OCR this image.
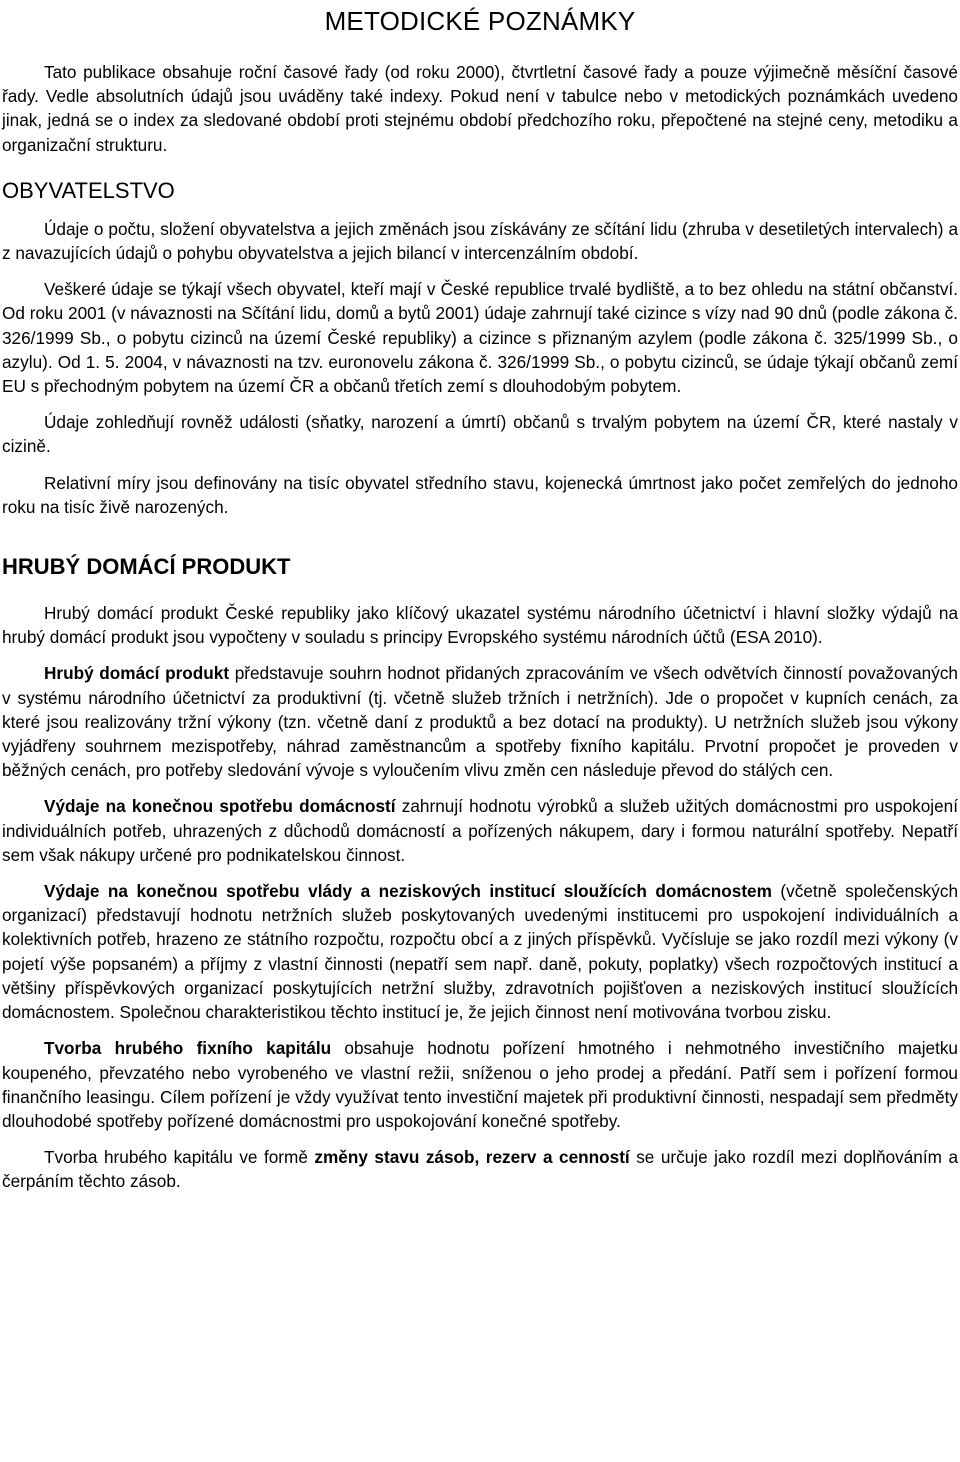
METODICKÉ POZNÁMKY

Tato publikace obsahuje roční časové řady (od roku 2000), čtvrtletní časové řady a pouze výjimečně měsíční časové řady. Vedle absolutních údajů jsou uváděny také indexy. Pokud není v tabulce nebo v metodických poznámkách uvedeno jinak, jedná se o index za sledované období proti stejnému období předchozího roku, přepočtené na stejné ceny, metodiku a organizační strukturu.

OBYVATELSTVO

Údaje o počtu, složení obyvatelstva a jejich změnách jsou získávány ze sčítání lidu (zhruba v desetiletých intervalech) a z navazujících údajů o pohybu obyvatelstva a jejich bilancí v intercenzálním období.

Veškeré údaje se týkají všech obyvatel, kteří mají v České republice trvalé bydliště, a to bez ohledu na státní občanství. Od roku 2001 (v návaznosti na Sčítání lidu, domů a bytů 2001) údaje zahrnují také cizince s vízy nad 90 dnů (podle zákona č. 326/1999 Sb., o pobytu cizinců na území České republiky) a cizince s přiznaným azylem (podle zákona č. 325/1999 Sb., o azylu). Od 1. 5. 2004, v návaznosti na tzv. euronovelu zákona č. 326/1999 Sb., o pobytu cizinců, se údaje týkají občanů zemí EU s přechodným pobytem na území ČR a občanů třetích zemí s dlouhodobým pobytem.

Údaje zohledňují rovněž události (sňatky, narození a úmrtí) občanů s trvalým pobytem na území ČR, které nastaly v cizině.

Relativní míry jsou definovány na tisíc obyvatel středního stavu, kojenecká úmrtnost jako počet zemřelých do jednoho roku na tisíc živě narozených.

HRUBÝ DOMÁCÍ PRODUKT

Hrubý domácí produkt České republiky jako klíčový ukazatel systému národního účetnictví i hlavní složky výdajů na hrubý domácí produkt jsou vypočteny v souladu s principy Evropského systému národních účtů (ESA 2010).

Hrubý domácí produkt představuje souhrn hodnot přidaných zpracováním ve všech odvětvích činností považovaných v systému národního účetnictví za produktivní (tj. včetně služeb tržních i netržních). Jde o propočet v kupních cenách, za které jsou realizovány tržní výkony (tzn. včetně daní z produktů a bez dotací na produkty). U netržních služeb jsou výkony vyjádřeny souhrnem mezispotřeby, náhrad zaměstnancům a spotřeby fixního kapitálu. Prvotní propočet je proveden v běžných cenách, pro potřeby sledování vývoje s vyloučením vlivu změn cen následuje převod do stálých cen.

Výdaje na konečnou spotřebu domácností zahrnují hodnotu výrobků a služeb užitých domácnostmi pro uspokojení individuálních potřeb, uhrazených z důchodů domácností a pořízených nákupem, dary i formou naturální spotřeby. Nepatří sem však nákupy určené pro podnikatelskou činnost.

Výdaje na konečnou spotřebu vlády a neziskových institucí sloužících domácnostem (včetně společenských organizací) představují hodnotu netržních služeb poskytovaných uvedenými institucemi pro uspokojení individuálních a kolektivních potřeb, hrazeno ze státního rozpočtu, rozpočtu obcí a z jiných příspěvků. Vyčísluje se jako rozdíl mezi výkony (v pojetí výše popsaném) a příjmy z vlastní činnosti (nepatří sem např. daně, pokuty, poplatky) všech rozpočtových institucí a většiny příspěvkových organizací poskytujících netržní služby, zdravotních pojišťoven a neziskových institucí sloužících domácnostem. Společnou charakteristikou těchto institucí je, že jejich činnost není motivována tvorbou zisku.

Tvorba hrubého fixního kapitálu obsahuje hodnotu pořízení hmotného i nehmotného investičního majetku koupeného, převzatého nebo vyrobeného ve vlastní režii, sníženou o jeho prodej a předání. Patří sem i pořízení formou finančního leasingu. Cílem pořízení je vždy využívat tento investiční majetek při produktivní činnosti, nespadají sem předměty dlouhodobé spotřeby pořízené domácnostmi pro uspokojování konečné spotřeby.

Tvorba hrubého kapitálu ve formě změny stavu zásob, rezerv a cenností se určuje jako rozdíl mezi doplňováním a čerpáním těchto zásob.
